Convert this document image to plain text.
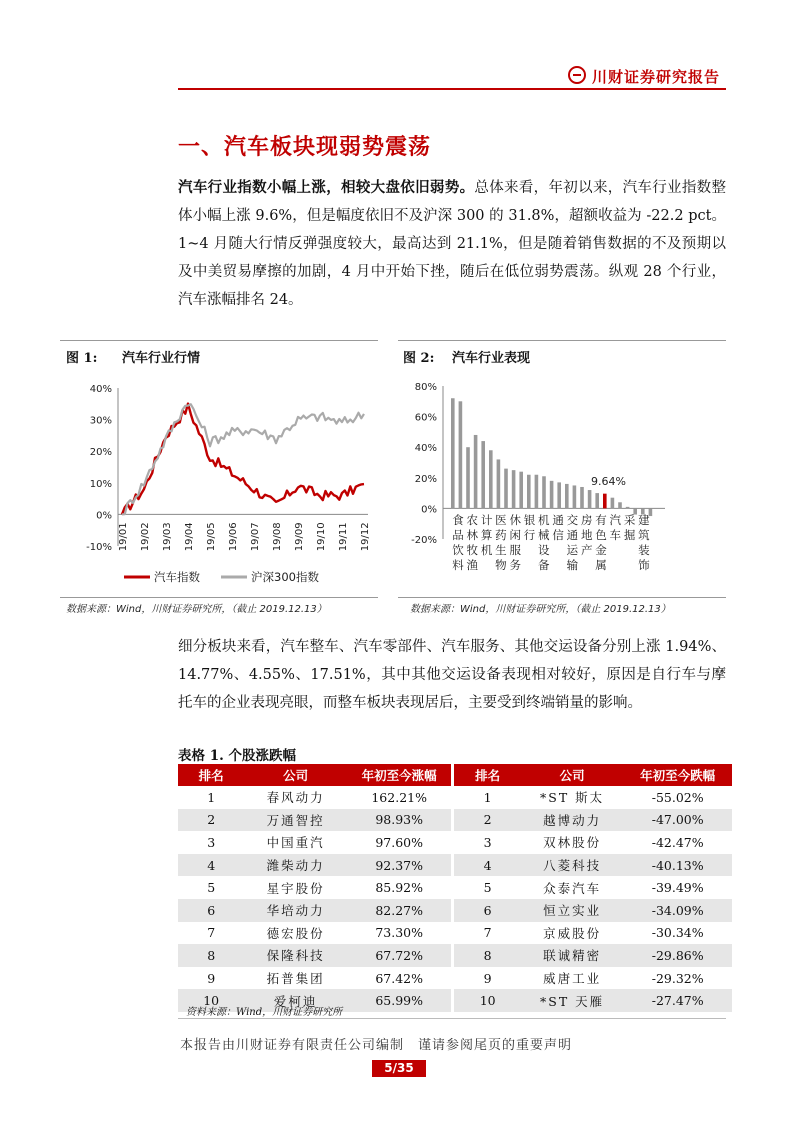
川财证券研究报告
一、汽车板块现弱势震荡
汽车行业指数小幅上涨，相较大盘依旧弱势。总体来看，年初以来，汽车行业指数整体小幅上涨 9.6%，但是幅度依旧不及沪深 300 的 31.8%，超额收益为 -22.2 pct。1~4 月随大行情反弹强度较大，最高达到 21.1%，但是随着销售数据的不及预期以及中美贸易摩擦的加剧，4 月中开始下挫，随后在低位弱势震荡。纵观 28 个行业，汽车涨幅排名 24。
图 1: 汽车行业行情
40%
30%
20%
10%
0%
-10% 19/01 19/02 19/03 19/04 19/05 19/06 19/07 19/08 19/09 19/10 19/11 19/12
汽车指数	沪深300指数
数据来源：Wind，川财证券研究所，（截止 2019.12.13）
图 2: 汽车行业表现
80%
60%
40%
20%
0%
-20%
食品饮料
农林牧渔
计算机
医药生物
休闲服务
银行
机械设备
通信
交通运输
房地产
有色金属
汽车
采掘
建筑装饰
9.64%
数据来源：Wind，川财证券研究所，（截止 2019.12.13）
细分板块来看，汽车整车、汽车零部件、汽车服务、其他交运设备分别上涨 1.94%、14.77%、4.55%、17.51%，其中其他交运设备表现相对较好，原因是自行车与摩托车的企业表现亮眼，而整车板块表现居后，主要受到终端销量的影响。
表格 1. 个股涨跌幅
排名	公司	年初至今涨幅		排名	公司	年初至今跌幅
1	春风动力	162.21%		1	*ST 斯太	-55.02%
2	万通智控	98.93%		2	越博动力	-47.00%
3	中国重汽	97.60%		3	双林股份	-42.47%
4	潍柴动力	92.37%		4	八菱科技	-40.13%
5	星宇股份	85.92%		5	众泰汽车	-39.49%
6	华培动力	82.27%		6	恒立实业	-34.09%
7	德宏股份	73.30%		7	京威股份	-30.34%
8	保隆科技	67.72%		8	联诚精密	-29.86%
9	拓普集团	67.42%		9	威唐工业	-29.32%
10	爱柯迪	65.99%		10	*ST 天雁	-27.47%
资料来源：Wind，川财证券研究所
本报告由川财证券有限责任公司编制　谨请参阅尾页的重要声明
5/35
